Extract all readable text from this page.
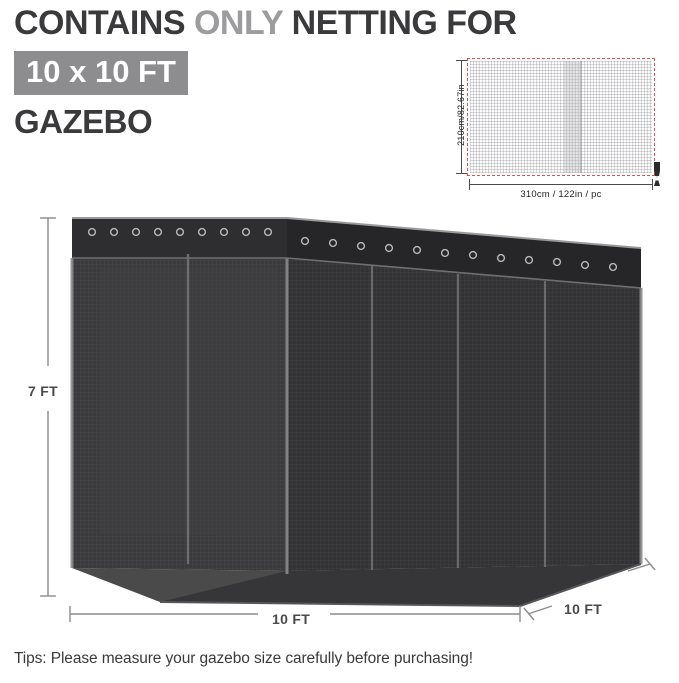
CONTAINS ONLY NETTING FOR
10 x 10 FT
GAZEBO	210cm/82.67in
310cm / 122in / pc
7 FT
10 FT
10 FT
Tips: Please measure your gazebo size carefully before purchasing!
